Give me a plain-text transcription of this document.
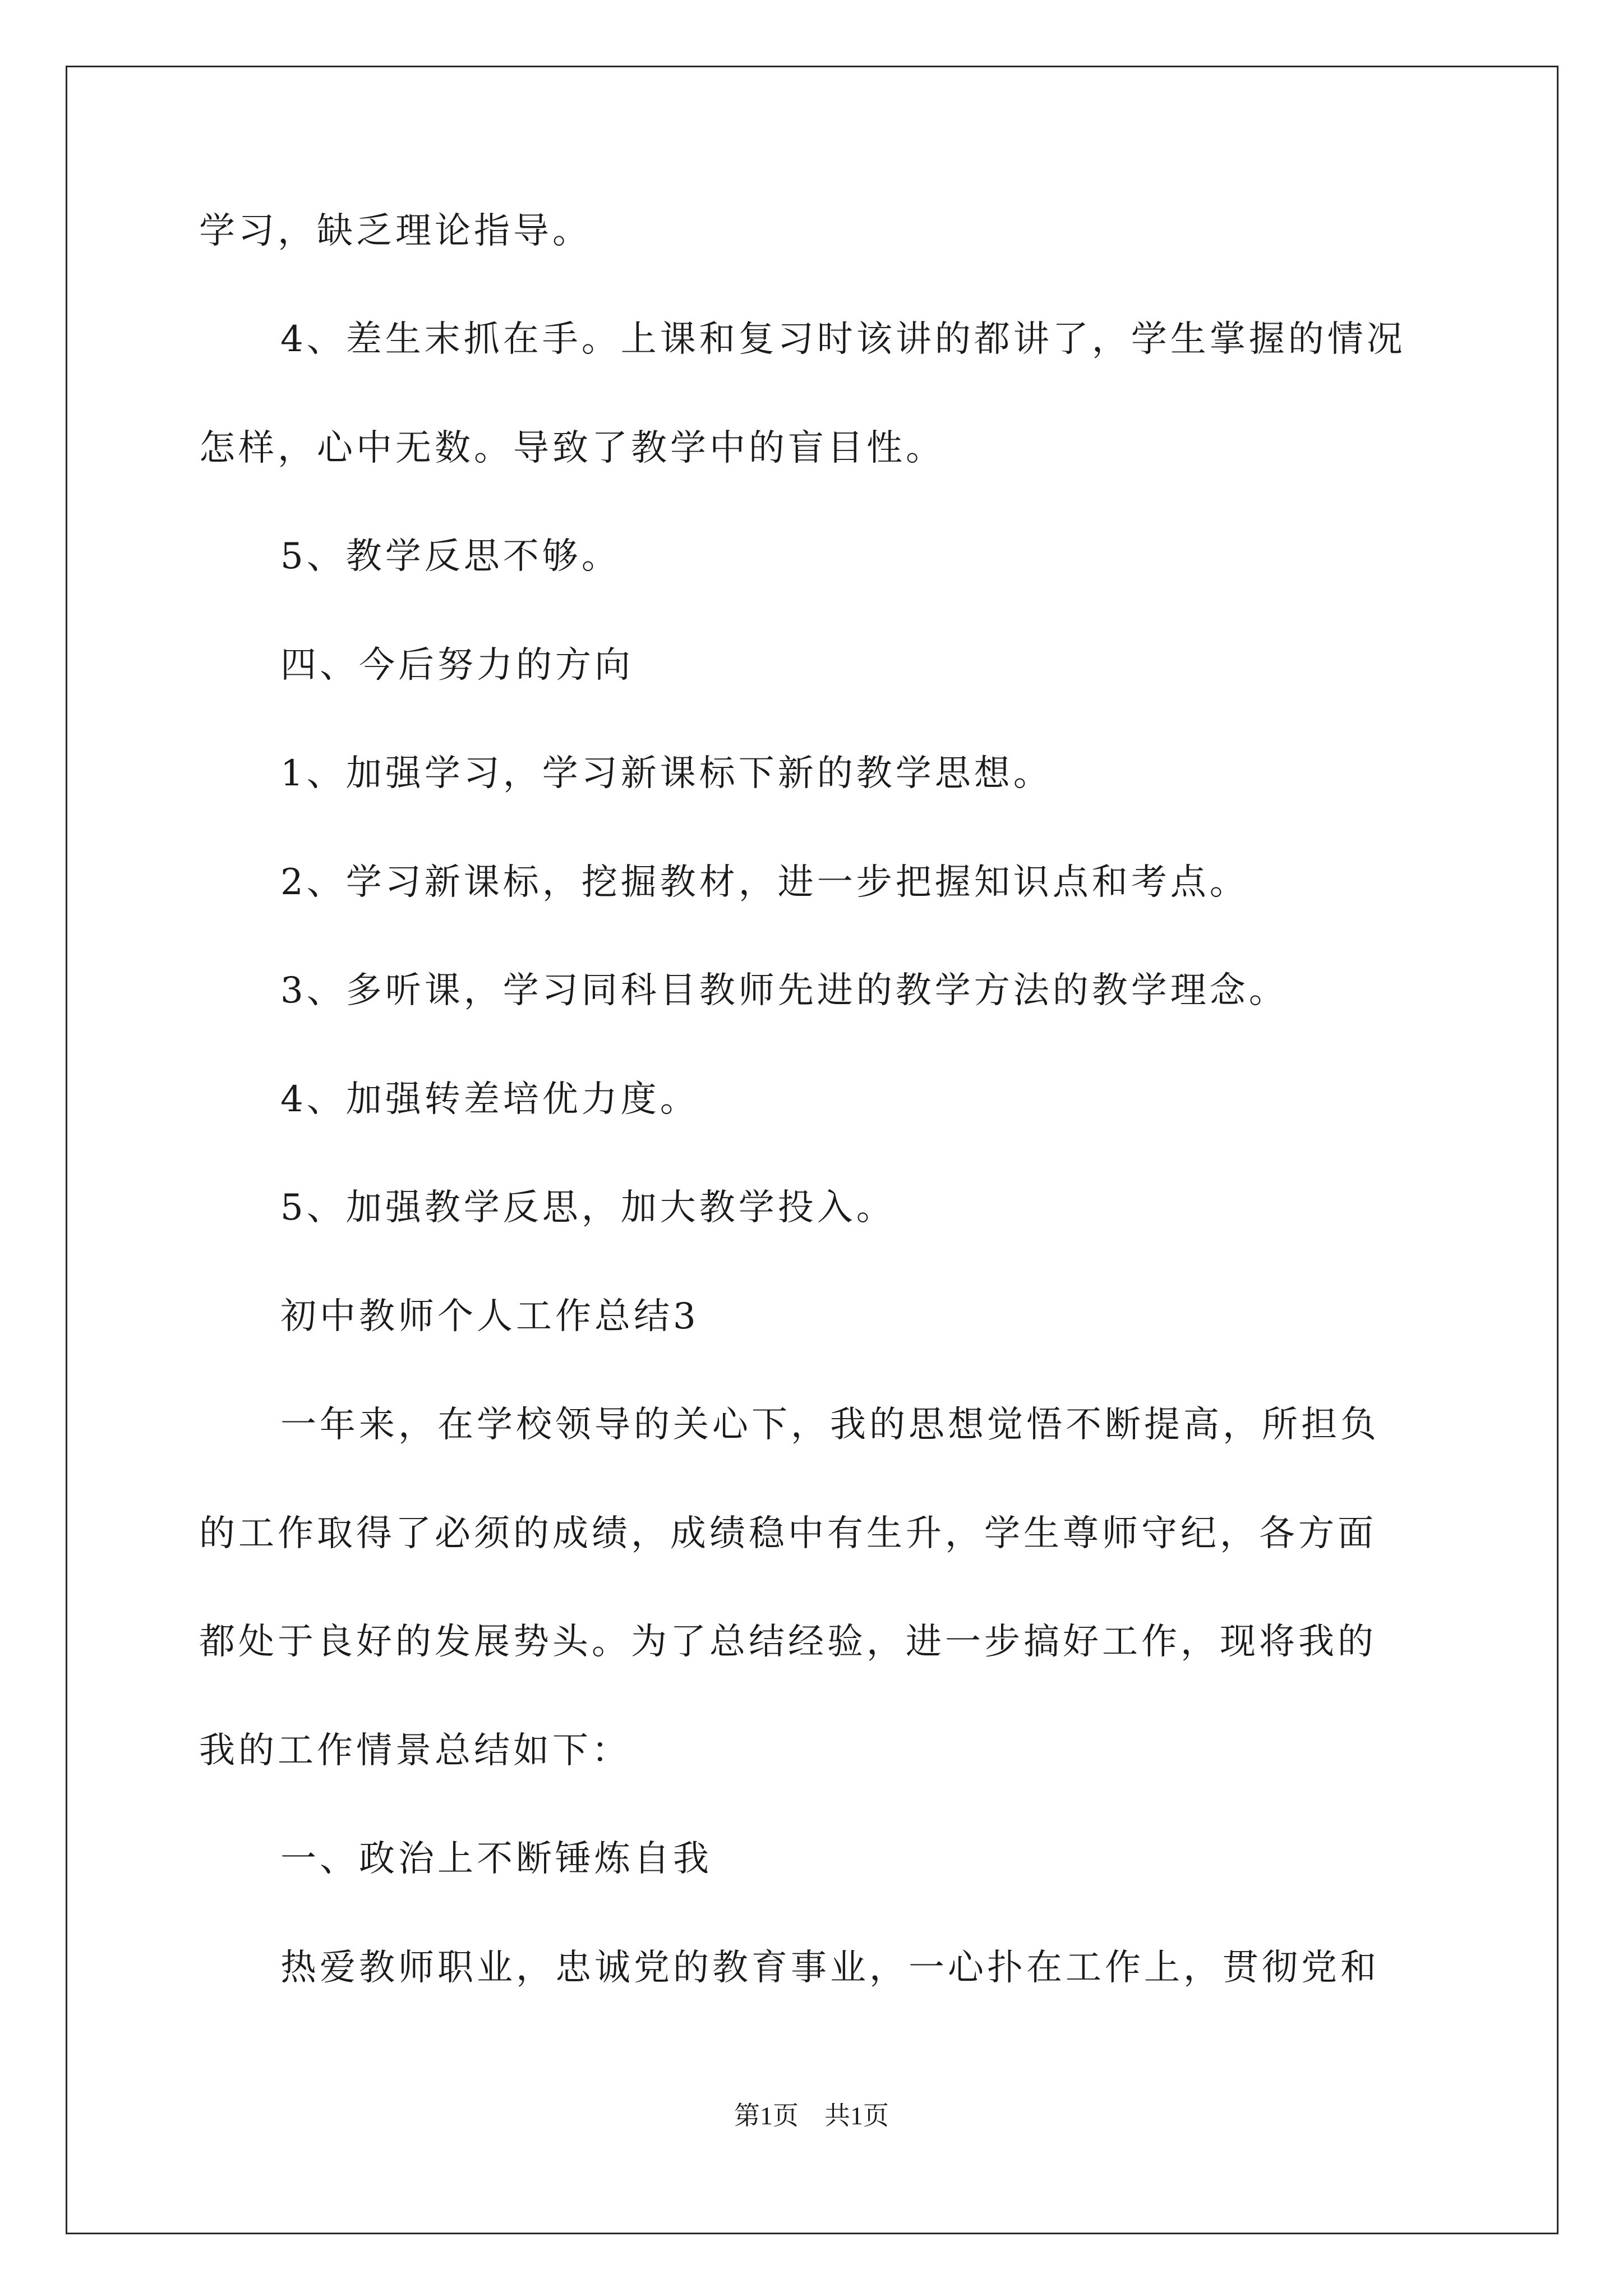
学习，缺乏理论指导。
4、差生末抓在手。上课和复习时该讲的都讲了，学生掌握的情况
怎样，心中无数。导致了教学中的盲目性。
5、教学反思不够。
四、今后努力的方向
1、加强学习，学习新课标下新的教学思想。
2、学习新课标，挖掘教材，进一步把握知识点和考点。
3、多听课，学习同科目教师先进的教学方法的教学理念。
4、加强转差培优力度。
5、加强教学反思，加大教学投入。
初中教师个人工作总结3
一年来，在学校领导的关心下，我的思想觉悟不断提高，所担负
的工作取得了必须的成绩，成绩稳中有生升，学生尊师守纪，各方面
都处于良好的发展势头。为了总结经验，进一步搞好工作，现将我的
我的工作情景总结如下：
一、政治上不断锤炼自我
热爱教师职业，忠诚党的教育事业，一心扑在工作上，贯彻党和
第1页　共1页
